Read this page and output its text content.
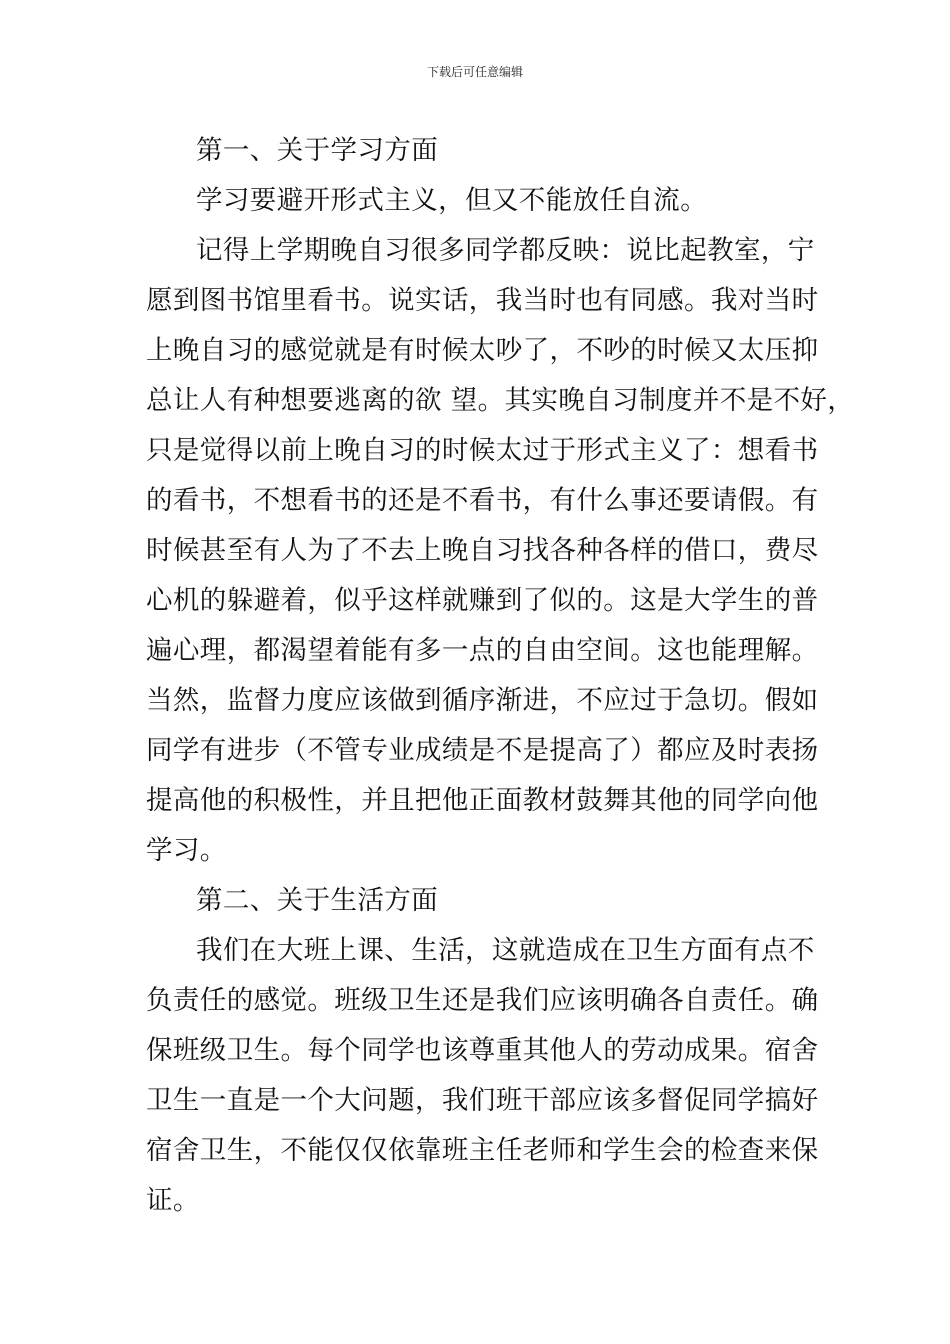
下载后可任意编辑
第一、关于学习方面
学习要避开形式主义，但又不能放任自流。
记得上学期晚自习很多同学都反映：说比起教室，宁
愿到图书馆里看书。说实话，我当时也有同感。我对当时
上晚自习的感觉就是有时候太吵了，不吵的时候又太压抑
总让人有种想要逃离的欲 望。其实晚自习制度并不是不好，
只是觉得以前上晚自习的时候太过于形式主义了：想看书
的看书，不想看书的还是不看书，有什么事还要请假。有
时候甚至有人为了不去上晚自习找各种各样的借口，费尽
心机的躲避着，似乎这样就赚到了似的。这是大学生的普
遍心理，都渴望着能有多一点的自由空间。这也能理解。
当然，监督力度应该做到循序渐进，不应过于急切。假如
同学有进步（不管专业成绩是不是提高了）都应及时表扬
提高他的积极性，并且把他正面教材鼓舞其他的同学向他
学习。
第二、关于生活方面
我们在大班上课、生活，这就造成在卫生方面有点不
负责任的感觉。班级卫生还是我们应该明确各自责任。确
保班级卫生。每个同学也该尊重其他人的劳动成果。宿舍
卫生一直是一个大问题，我们班干部应该多督促同学搞好
宿舍卫生，不能仅仅依靠班主任老师和学生会的检查来保
证。
